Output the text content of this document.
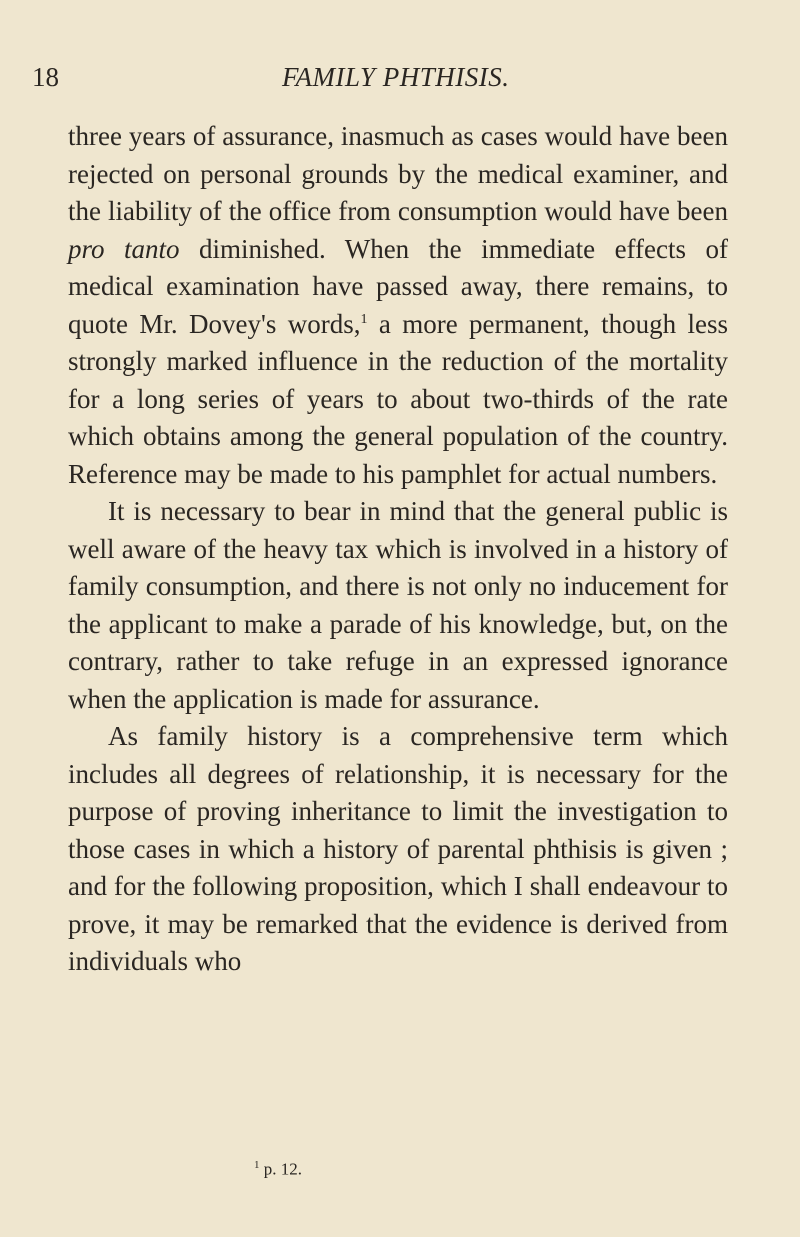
18	FAMILY PHTHISIS.

three years of assurance, inasmuch as cases would have been rejected on personal grounds by the medical examiner, and the liability of the office from consumption would have been pro tanto diminished. When the immediate effects of medical examination have passed away, there remains, to quote Mr. Dovey's words,$^1$ a more permanent, though less strongly marked influence in the reduction of the mortality for a long series of years to about two-thirds of the rate which obtains among the general population of the country. Reference may be made to his pamphlet for actual numbers.

It is necessary to bear in mind that the general public is well aware of the heavy tax which is involved in a history of family consumption, and there is not only no inducement for the applicant to make a parade of his knowledge, but, on the contrary, rather to take refuge in an expressed ignorance when the application is made for assurance.

As family history is a comprehensive term which includes all degrees of relationship, it is necessary for the purpose of proving inheritance to limit the investigation to those cases in which a history of parental phthisis is given ; and for the following proposition, which I shall endeavour to prove, it may be remarked that the evidence is derived from individuals who

$^1$ p. 12.
